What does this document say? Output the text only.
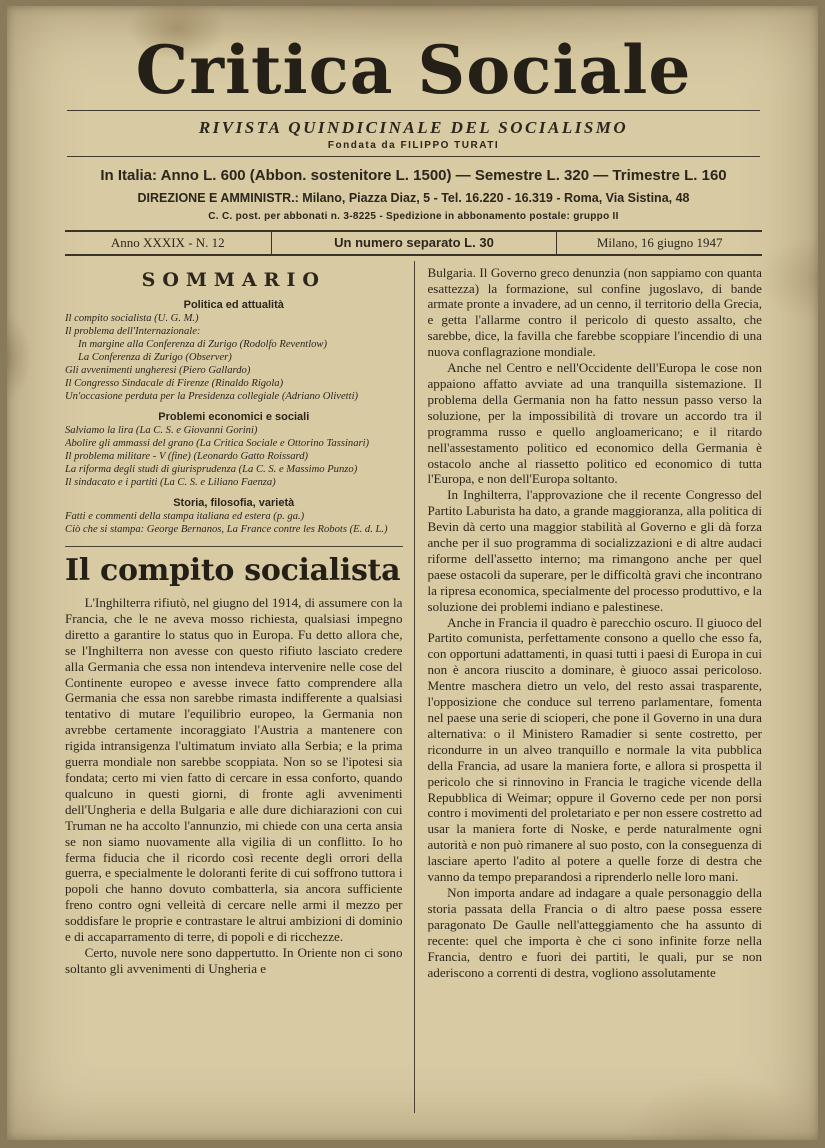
Critica Sociale
RIVISTA QUINDICINALE DEL SOCIALISMO
Fondata da FILIPPO TURATI
In Italia: Anno L. 600 (Abbon. sostenitore L. 1500) — Semestre L. 320 — Trimestre L. 160
DIREZIONE E AMMINISTR.: Milano, Piazza Diaz, 5 - Tel. 16.220 - 16.319 - Roma, Via Sistina, 48
C. C. post. per abbonati n. 3-8225 - Spedizione in abbonamento postale: gruppo II
Anno XXXIX - N. 12	Un numero separato L. 30	Milano, 16 giugno 1947
SOMMARIO
Politica ed attualità

Il compito socialista (U. G. M.)

Il problema dell'Internazionale:

In margine alla Conferenza di Zurigo (Rodolfo Reventlow)

La Conferenza di Zurigo (Observer)

Gli avvenimenti ungheresi (Piero Gallardo)

Il Congresso Sindacale di Firenze (Rinaldo Rigola)

Un'occasione perduta per la Presidenza collegiale (Adriano Olivetti)

Problemi economici e sociali

Salviamo la lira (La C. S. e Giovanni Gorini)

Abolire gli ammassi del grano (La Critica Sociale e Ottorino Tassinari)

Il problema militare - V (fine) (Leonardo Gatto Roissard)

La riforma degli studi di giurisprudenza (La C. S. e Massimo Punzo)

Il sindacato e i partiti (La C. S. e Liliano Faenza)

Storia, filosofia, varietà

Fatti e commenti della stampa italiana ed estera (p. ga.)

Ciò che si stampa: George Bernanos, La France contre les Robots (E. d. L.)

Il compito socialista

L'Inghilterra rifiutò, nel giugno del 1914, di assumere con la Francia, che le ne aveva mosso richiesta, qualsiasi impegno diretto a garantire lo status quo in Europa. Fu detto allora che, se l'Inghilterra non avesse con questo rifiuto lasciato credere alla Germania che essa non intendeva intervenire nelle cose del Continente europeo e avesse invece fatto comprendere alla Germania che essa non sarebbe rimasta indifferente a qualsiasi tentativo di mutare l'equilibrio europeo, la Germania non avrebbe certamente incoraggiato l'Austria a mantenere con rigida intransigenza l'ultimatum inviato alla Serbia; e la prima guerra mondiale non sarebbe scoppiata. Non so se l'ipotesi sia fondata; certo mi vien fatto di cercare in essa conforto, quando qualcuno in questi giorni, di fronte agli avvenimenti dell'Ungheria e della Bulgaria e alle dure dichiarazioni con cui Truman ne ha accolto l'annunzio, mi chiede con una certa ansia se non siamo nuovamente alla vigilia di un conflitto. Io ho ferma fiducia che il ricordo così recente degli orrori della guerra, e specialmente le doloranti ferite di cui soffrono tuttora i popoli che hanno dovuto combatterla, sia ancora sufficiente freno contro ogni velleità di cercare nelle armi il mezzo per soddisfare le proprie e contrastare le altrui ambizioni di dominio e di accaparramento di terre, di popoli e di ricchezze.

Certo, nuvole nere sono dappertutto. In Oriente non ci sono soltanto gli avvenimenti di Ungheria e

Bulgaria. Il Governo greco denunzia (non sappiamo con quanta esattezza) la formazione, sul confine jugoslavo, di bande armate pronte a invadere, ad un cenno, il territorio della Grecia, e getta l'allarme contro il pericolo di questo assalto, che sarebbe, dice, la favilla che farebbe scoppiare l'incendio di una nuova conflagrazione mondiale.

Anche nel Centro e nell'Occidente dell'Europa le cose non appaiono affatto avviate ad una tranquilla sistemazione. Il problema della Germania non ha fatto nessun passo verso la soluzione, per la impossibilità di trovare un accordo tra il programma russo e quello angloamericano; e il ritardo nell'assestamento politico ed economico della Germania è ostacolo anche al riassetto politico ed economico di tutta l'Europa, e non dell'Europa soltanto.

In Inghilterra, l'approvazione che il recente Congresso del Partito Laburista ha dato, a grande maggioranza, alla politica di Bevin dà certo una maggior stabilità al Governo e gli dà forza anche per il suo programma di socializzazioni e di altre audaci riforme dell'assetto interno; ma rimangono anche per quel paese ostacoli da superare, per le difficoltà gravi che incontrano la ripresa economica, specialmente del processo produttivo, e la soluzione dei problemi indiano e palestinese.

Anche in Francia il quadro è parecchio oscuro. Il giuoco del Partito comunista, perfettamente consono a quello che esso fa, con opportuni adattamenti, in quasi tutti i paesi di Europa in cui non è ancora riuscito a dominare, è giuoco assai pericoloso. Mentre maschera dietro un velo, del resto assai trasparente, l'opposizione che conduce sul terreno parlamentare, fomenta nel paese una serie di scioperi, che pone il Governo in una dura alternativa: o il Ministero Ramadier si sente costretto, per ricondurre in un alveo tranquillo e normale la vita pubblica della Francia, ad usare la maniera forte, e allora si prospetta il pericolo che si rinnovino in Francia le tragiche vicende della Repubblica di Weimar; oppure il Governo cede per non porsi contro i movimenti del proletariato e per non essere costretto ad usar la maniera forte di Noske, e perde naturalmente ogni autorità e non può rimanere al suo posto, con la conseguenza di lasciare aperto l'adito al potere a quelle forze di destra che vanno da tempo preparandosi a riprenderlo nelle loro mani.

Non importa andare ad indagare a quale personaggio della storia passata della Francia o di altro paese possa essere paragonato De Gaulle nell'atteggiamento che ha assunto di recente: quel che importa è che ci sono infinite forze nella Francia, dentro e fuori dei partiti, le quali, pur se non aderiscono a correnti di destra, vogliono assolutamente
